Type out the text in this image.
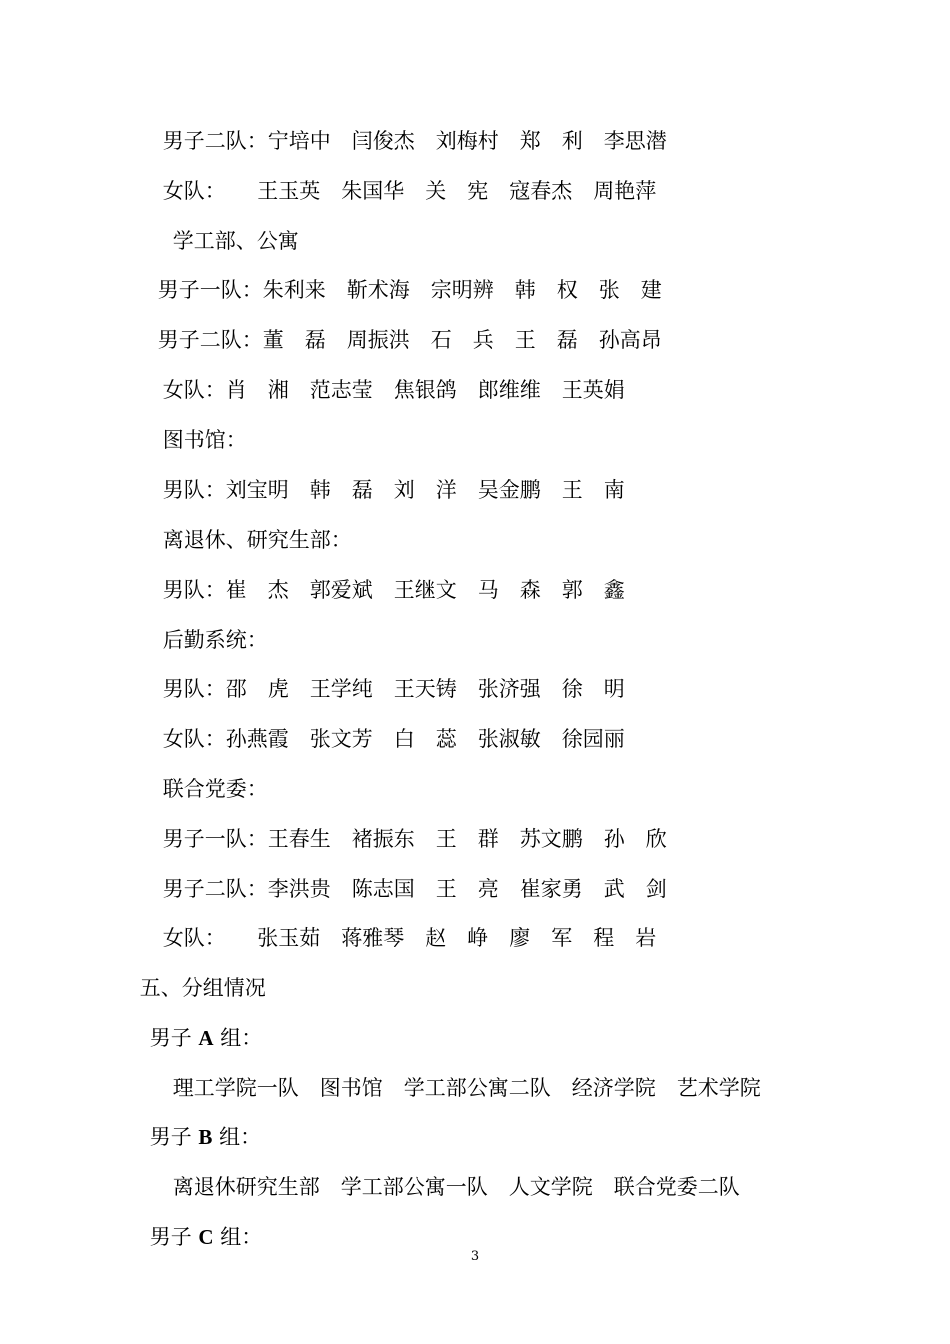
男子二队：宁培中　闫俊杰　刘梅村　郑　利　李思潜

女队：　　王玉英　朱国华　关　宪　寇春杰　周艳萍

学工部、公寓

男子一队：朱利来　靳术海　宗明辨　韩　权　张　建

男子二队：董　磊　周振洪　石　兵　王　磊　孙高昂

女队：肖　湘　范志莹　焦银鸽　郎维维　王英娟

图书馆：

男队：刘宝明　韩　磊　刘　洋　吴金鹏　王　南

离退休、研究生部：

男队：崔　杰　郭爱斌　王继文　马　森　郭　鑫

后勤系统：

男队：邵　虎　王学纯　王天铸　张济强　徐　明

女队：孙燕霞　张文芳　白　蕊　张淑敏　徐园丽

联合党委：

男子一队：王春生　褚振东　王　群　苏文鹏　孙　欣

男子二队：李洪贵　陈志国　王　亮　崔家勇　武　剑

女队：　　张玉茹　蒋雅琴　赵　峥　廖　军　程　岩

五、分组情况

男子 A 组：

理工学院一队　图书馆　学工部公寓二队　经济学院　艺术学院

男子 B 组：

离退休研究生部　学工部公寓一队　人文学院　联合党委二队

男子 C 组：

3
